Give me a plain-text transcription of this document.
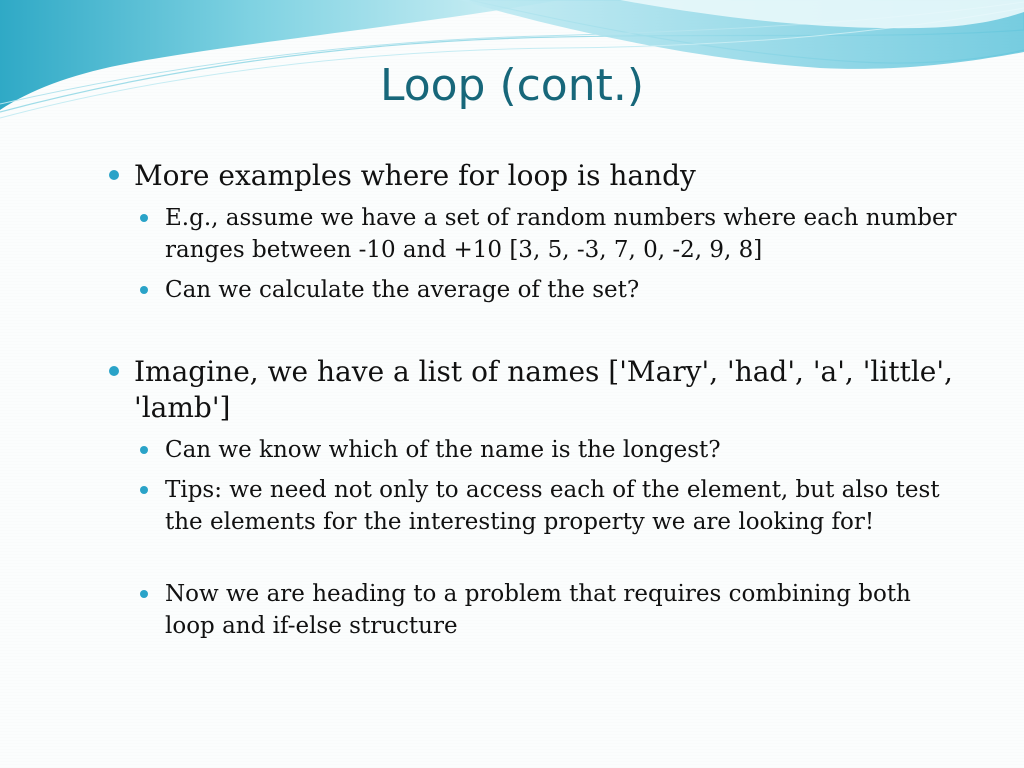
Loop (cont.)
More examples where for loop is handy
E.g., assume we have a set of random numbers where each number ranges between -10 and +10 [3, 5, -3, 7, 0, -2, 9, 8]
Can we calculate the average of the set?
Imagine, we have a list of names ['Mary', 'had', 'a', 'little', 'lamb']
Can we know which of the name is the longest?
Tips: we need not only to access each of the element, but also test the elements for the interesting property we are looking for!
Now we are heading to a problem that requires combining both loop and if-else structure
